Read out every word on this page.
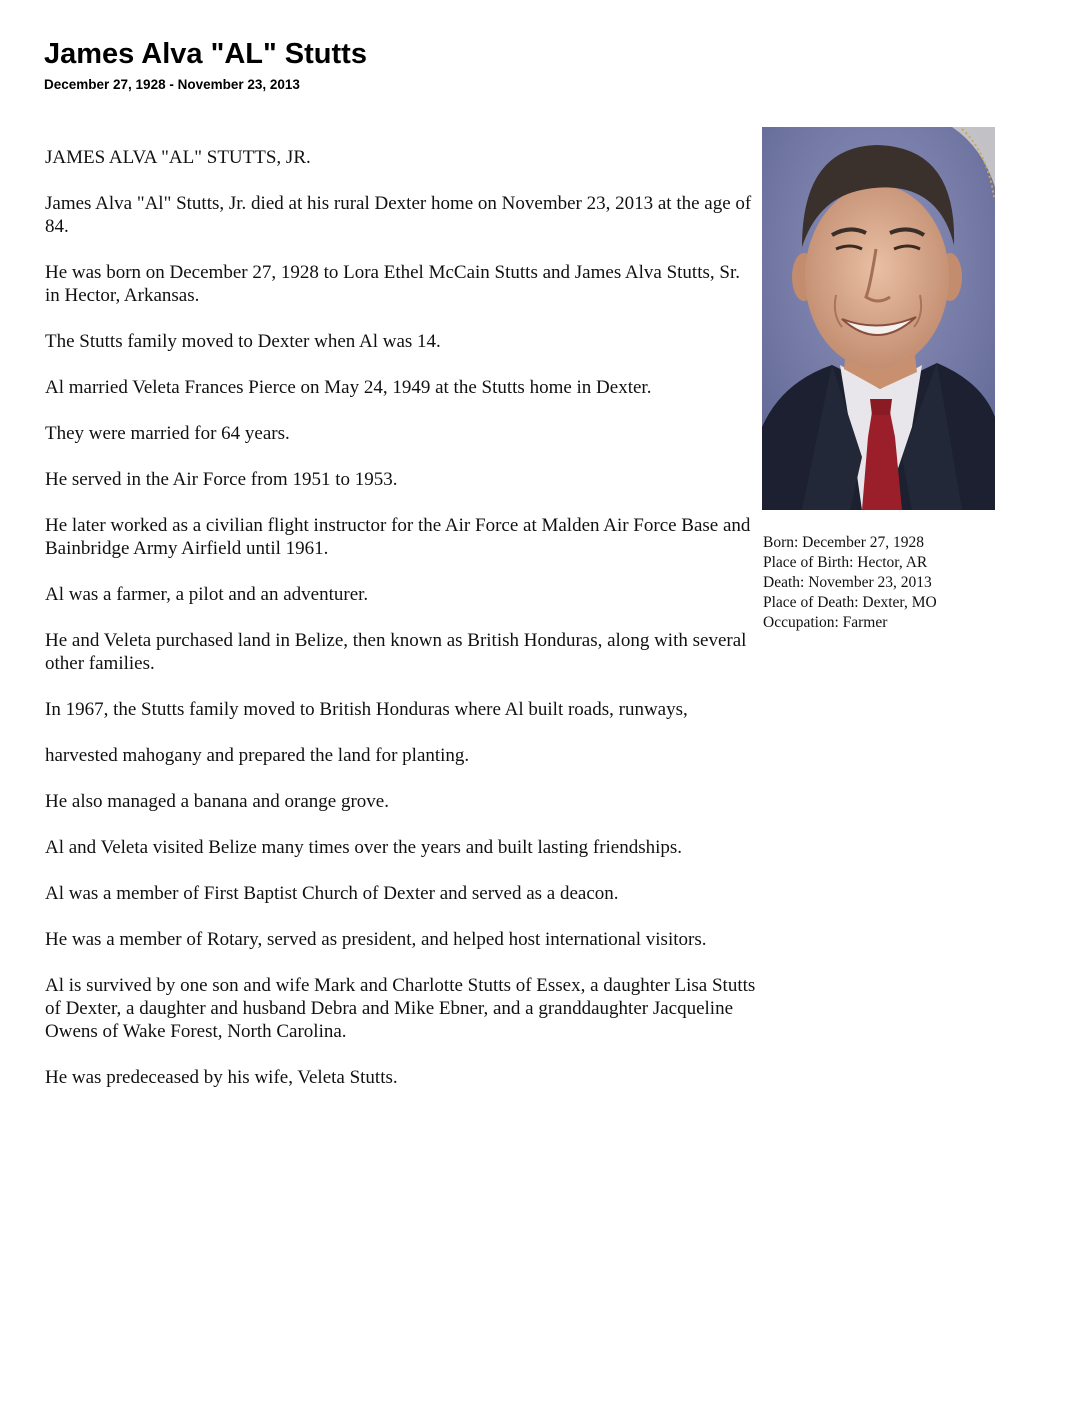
James Alva "AL" Stutts
December 27, 1928 - November 23, 2013

JAMES ALVA "AL" STUTTS, JR.

James Alva "Al" Stutts, Jr. died at his rural Dexter home on November 23, 2013 at the age of 84.

He was born on December 27, 1928 to Lora Ethel McCain Stutts and James Alva Stutts, Sr. in Hector, Arkansas.

The Stutts family moved to Dexter when Al was 14.

Al married Veleta Frances Pierce on May 24, 1949 at the Stutts home in Dexter.

They were married for 64 years.

He served in the Air Force from 1951 to 1953.

He later worked as a civilian flight instructor for the Air Force at Malden Air Force Base and Bainbridge Army Airfield until 1961.

Al was a farmer, a pilot and an adventurer.

He and Veleta purchased land in Belize, then known as British Honduras, along with several other families.

In 1967, the Stutts family moved to British Honduras where Al built roads, runways,

harvested mahogany and prepared the land for planting.

He also managed a banana and orange grove.

Al and Veleta visited Belize many times over the years and built lasting friendships.

Al was a member of First Baptist Church of Dexter and served as a deacon.

He was a member of Rotary, served as president, and helped host international visitors.

Al is survived by one son and wife Mark and Charlotte Stutts of Essex, a daughter Lisa Stutts of Dexter, a daughter and husband Debra and Mike Ebner, and a granddaughter Jacqueline Owens of Wake Forest, North Carolina.

He was predeceased by his wife, Veleta Stutts.

Born: December 27, 1928
Place of Birth: Hector, AR
Death: November 23, 2013
Place of Death: Dexter, MO
Occupation: Farmer
